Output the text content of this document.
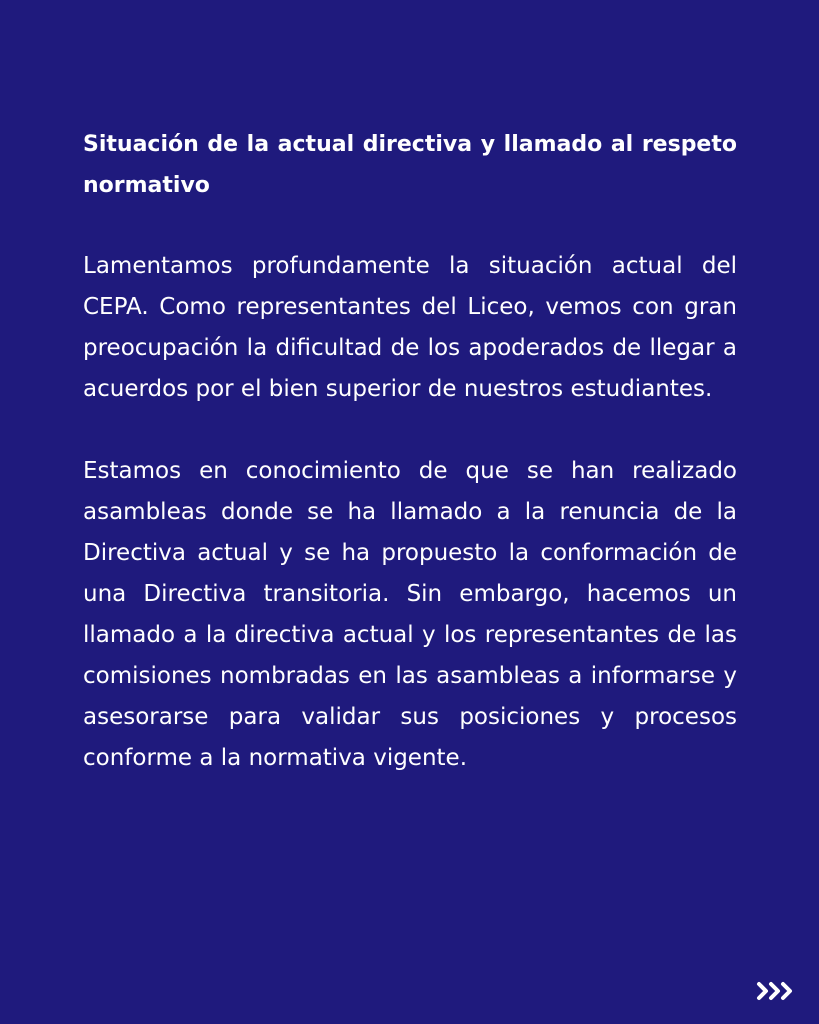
Situación de la actual directiva y llamado al respeto normativo

Lamentamos profundamente la situación actual del CEPA. Como representantes del Liceo, vemos con gran preocupación la dificultad de los apoderados de llegar a acuerdos por el bien superior de nuestros estudiantes.

Estamos en conocimiento de que se han realizado asambleas donde se ha llamado a la renuncia de la Directiva actual y se ha propuesto la conformación de una Directiva transitoria. Sin embargo, hacemos un llamado a la directiva actual y los representantes de las comisiones nombradas en las asambleas a informarse y asesorarse para validar sus posiciones y procesos conforme a la normativa vigente.
